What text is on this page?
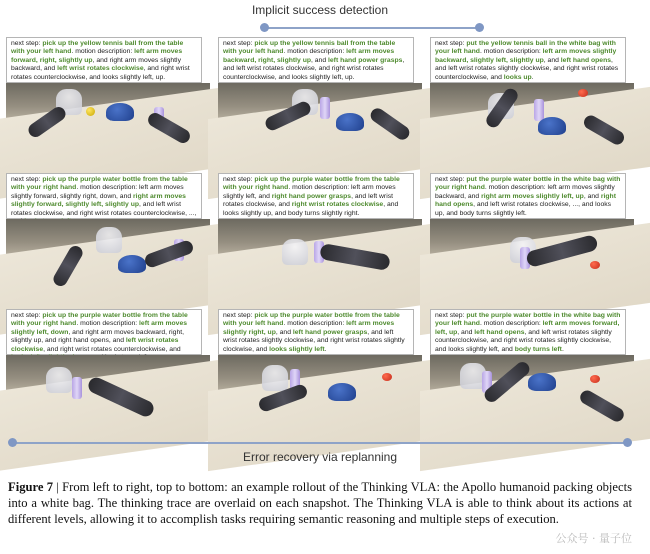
Implicit success detection
next step: pick up the yellow tennis ball from the table with your left hand. motion description: left arm moves forward, right, slightly up, and right arm moves slightly backward, and left wrist rotates clockwise, and right wrist rotates counterclockwise, and looks slightly left, up.
next step: pick up the yellow tennis ball from the table with your left hand. motion description: left arm moves backward, right, slightly up, and left hand power grasps, and left wrist rotates clockwise, and right wrist rotates counterclockwise, and looks slightly left, up.
next step: put the yellow tennis ball in the white bag with your left hand. motion description: left arm moves slightly backward, slightly left, slightly up, and left hand opens, and left wrist rotates slightly clockwise, and right wrist rotates counterclockwise, and looks up.
next step: pick up the purple water bottle from the table with your right hand. motion description: left arm moves slightly forward, slightly right, down, and right arm moves slightly forward, slightly left, slightly up, and left wrist rotates clockwise, and right wrist rotates counterclockwise, ...,
next step: pick up the purple water bottle from the table with your right hand. motion description: left arm moves slightly left, and right hand power grasps, and left wrist rotates clockwise, and right wrist rotates clockwise, and looks slightly up, and body turns slightly right.
next step: put the purple water bottle in the white bag with your right hand. motion description: left arm moves slightly backward, and right arm moves slightly left, up, and right hand opens, and left wrist rotates clockwise, ..., and looks up, and body turns slightly left.
next step: pick up the purple water bottle from the table with your right hand. motion description: left arm moves slightly left, down, and right arm moves backward, right, slightly up, and right hand opens, and left wrist rotates clockwise, and right wrist rotates counterclockwise, and
next step: pick up the purple water bottle from the table with your left hand. motion description: left arm moves slightly right, up, and left hand power grasps, and left wrist rotates slightly clockwise, and right wrist rotates slightly clockwise, and looks slightly left.
next step: put the purple water bottle in the white bag with your left hand. motion description: left arm moves forward, left, up, and left hand opens, and left wrist rotates slightly counterclockwise, and right wrist rotates slightly clockwise, and looks slightly left, and body turns left.
Error recovery via replanning
Figure 7 | From left to right, top to bottom: an example rollout of the Thinking VLA: the Apollo humanoid packing objects into a white bag. The thinking trace are overlaid on each snapshot. The Thinking VLA is able to think about its actions at different levels, allowing it to accomplish tasks requiring semantic reasoning and multiple steps of execution.
公众号 · 量子位
